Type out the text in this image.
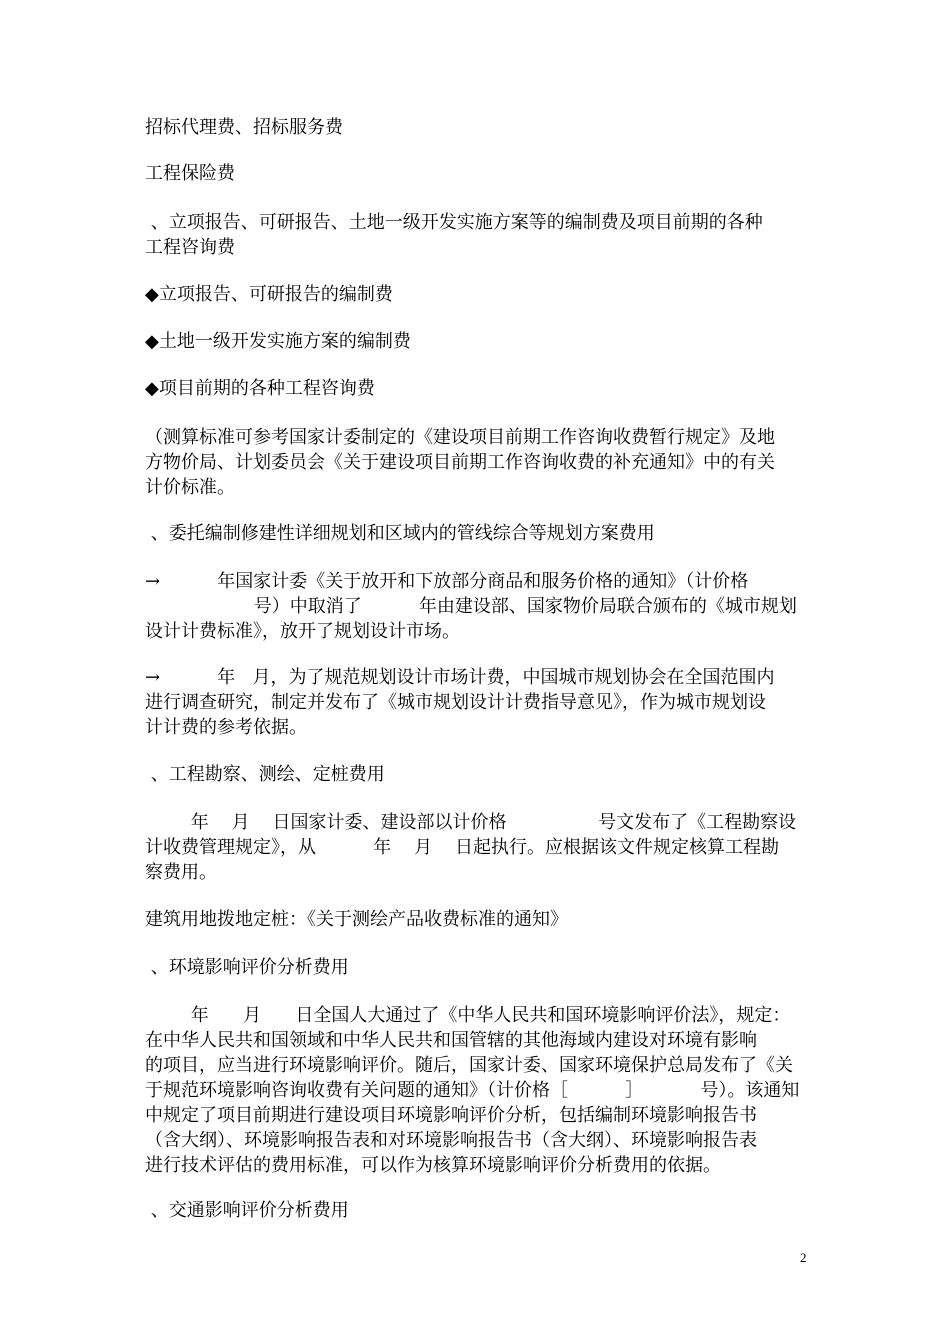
招标代理费、招标服务费

工程保险费

、立项报告、可研报告、土地一级开发实施方案等的编制费及项目前期的各种
工程咨询费

◆立项报告、可研报告的编制费

◆土地一级开发实施方案的编制费

◆项目前期的各种工程咨询费

（测算标准可参考国家计委制定的《建设项目前期工作咨询收费暂行规定》及地
方物价局、计划委员会《关于建设项目前期工作咨询收费的补充通知》中的有关
计价标准。

、委托编制修建性详细规划和区域内的管线综合等规划方案费用

→          年国家计委《关于放开和下放部分商品和服务价格的通知》（计价格
号）中取消了          年由建设部、国家物价局联合颁布的《城市规划
设计计费标准》，放开了规划设计市场。

→          年   月，为了规范规划设计市场计费，中国城市规划协会在全国范围内
进行调查研究，制定并发布了《城市规划设计计费指导意见》，作为城市规划设
计计费的参考依据。

、工程勘察、测绘、定桩费用

年    月    日国家计委、建设部以计价格                号文发布了《工程勘察设
计收费管理规定》，从          年    月    日起执行。应根据该文件规定核算工程勘
察费用。

建筑用地拨地定桩：《关于测绘产品收费标准的通知》

、环境影响评价分析费用

年      月      日全国人大通过了《中华人民共和国环境影响评价法》，规定：
在中华人民共和国领域和中华人民共和国管辖的其他海域内建设对环境有影响
的项目，应当进行环境影响评价。随后，国家计委、国家环境保护总局发布了《关
于规范环境影响咨询收费有关问题的通知》（计价格［          ］          号）。该通知
中规定了项目前期进行建设项目环境影响评价分析，包括编制环境影响报告书
（含大纲）、环境影响报告表和对环境影响报告书（含大纲）、环境影响报告表
进行技术评估的费用标准，可以作为核算环境影响评价分析费用的依据。

、交通影响评价分析费用

2
